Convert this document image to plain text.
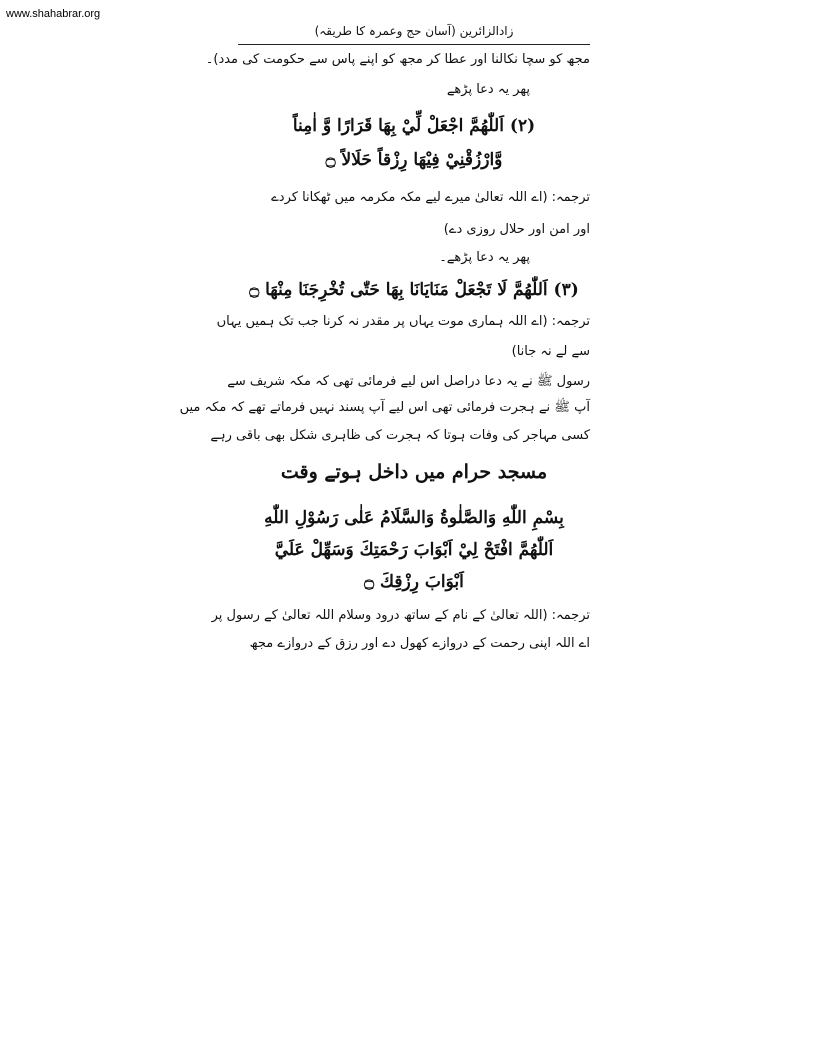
www.shahabrar.org
زادالزائرین (آسان حج وعمرہ کا طریقہ)
مجھ کو سچا نکالنا اور عطا کر مجھ کو اپنے پاس سے حکومت کی مدد)۔
پھر یہ دعا پڑھے
(۲) اَللّٰهُمَّ اجْعَلْ لِّيْ بِهَا قَرَارًا وَّ اٰمِناً
وَّارْزُقْنِيْ فِيْهَا رِزْقاً حَلَالاً ۝
ترجمہ: (اے اللہ تعالیٰ میرے لیے مکہ مکرمہ میں ٹھکانا کردے
اور امن اور حلال روزی دے)
پھر یہ دعا پڑھے۔
(۳) اَللّٰهُمَّ لَا تَجْعَلْ مَنَايَانَا بِهَا حَتّٰى تُخْرِجَنَا مِنْهَا ۝
ترجمہ: (اے اللہ ہماری موت یہاں پر مقدر نہ کرنا جب تک ہمیں یہاں
سے لے نہ جانا)
رسول ﷺ نے یہ دعا دراصل اس لیے فرمائی تھی کہ مکہ شریف سے
آپ ﷺ نے ہجرت فرمائی تھی اس لیے آپ پسند نہیں فرماتے تھے کہ مکہ میں
کسی مہاجر کی وفات ہوتا کہ ہجرت کی ظاہری شکل بھی باقی رہے
مسجد حرام میں داخل ہوتے وقت
بِسْمِ اللّٰهِ وَالصَّلٰوةُ وَالسَّلَامُ عَلٰى رَسُوْلِ اللّٰهِ
اَللّٰهُمَّ افْتَحْ لِيْ اَبْوَابَ رَحْمَتِكَ وَسَهِّلْ عَلَيَّ
اَبْوَابَ رِزْقِكَ ۝
ترجمہ: (اللہ تعالیٰ کے نام کے ساتھ درود وسلام اللہ تعالیٰ کے رسول پر
اے اللہ اپنی رحمت کے دروازے کھول دے اور رزق کے دروازے مجھ
